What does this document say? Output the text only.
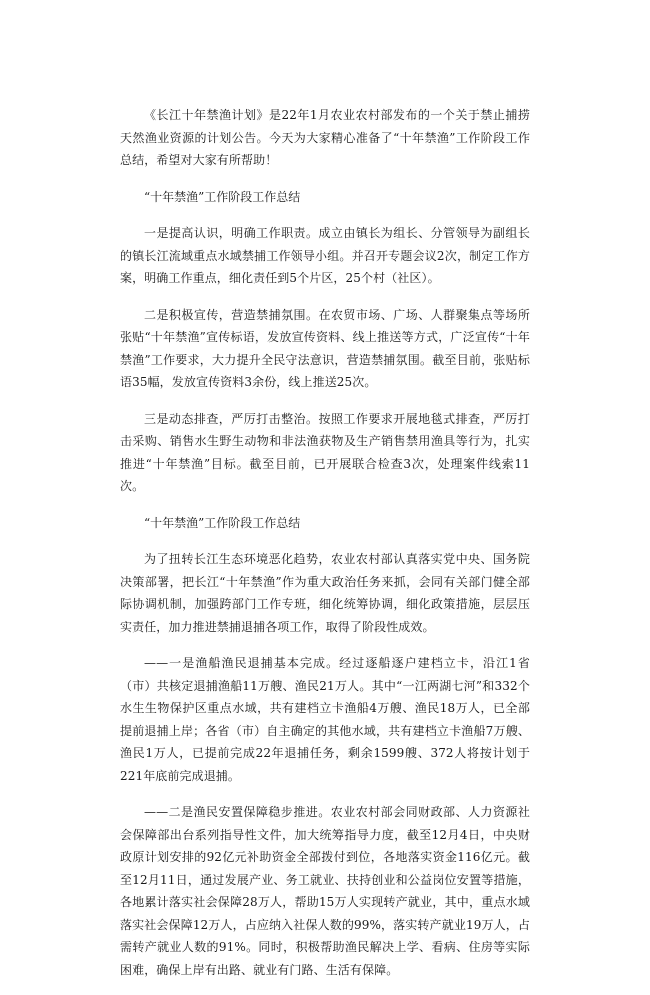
《长江十年禁渔计划》是22年1月农业农村部发布的一个关于禁止捕捞天然渔业资源的计划公告。今天为大家精心准备了“十年禁渔”工作阶段工作总结，希望对大家有所帮助！

“十年禁渔”工作阶段工作总结

一是提高认识，明确工作职责。成立由镇长为组长、分管领导为副组长的镇长江流域重点水域禁捕工作领导小组。并召开专题会议2次，制定工作方案，明确工作重点，细化责任到5个片区，25个村（社区）。

二是积极宣传，营造禁捕氛围。在农贸市场、广场、人群聚集点等场所张贴“十年禁渔”宣传标语，发放宣传资料、线上推送等方式，广泛宣传“十年禁渔”工作要求，大力提升全民守法意识，营造禁捕氛围。截至目前，张贴标语35幅，发放宣传资料3余份，线上推送25次。

三是动态排查，严厉打击整治。按照工作要求开展地毯式排查，严厉打击采购、销售水生野生动物和非法渔获物及生产销售禁用渔具等行为，扎实推进“十年禁渔”目标。截至目前，已开展联合检查3次，处理案件线索11次。

“十年禁渔”工作阶段工作总结

为了扭转长江生态环境恶化趋势，农业农村部认真落实党中央、国务院决策部署，把长江“十年禁渔”作为重大政治任务来抓，会同有关部门健全部际协调机制，加强跨部门工作专班，细化统筹协调，细化政策措施，层层压实责任，加力推进禁捕退捕各项工作，取得了阶段性成效。

——一是渔船渔民退捕基本完成。经过逐船逐户建档立卡，沿江1省（市）共核定退捕渔船11万艘、渔民21万人。其中“一江两湖七河”和332个水生生物保护区重点水域，共有建档立卡渔船4万艘、渔民18万人，已全部提前退捕上岸；各省（市）自主确定的其他水域，共有建档立卡渔船7万艘、渔民1万人，已提前完成22年退捕任务，剩余1599艘、372人将按计划于221年底前完成退捕。

——二是渔民安置保障稳步推进。农业农村部会同财政部、人力资源社会保障部出台系列指导性文件，加大统筹指导力度，截至12月4日，中央财政原计划安排的92亿元补助资金全部拨付到位，各地落实资金116亿元。截至12月11日，通过发展产业、务工就业、扶持创业和公益岗位安置等措施，各地累计落实社会保障28万人，帮助15万人实现转产就业，其中，重点水域落实社会保障12万人，占应纳入社保人数的99%，落实转产就业19万人，占需转产就业人数的91%。同时，积极帮助渔民解决上学、看病、住房等实际困难，确保上岸有出路、就业有门路、生活有保障。
